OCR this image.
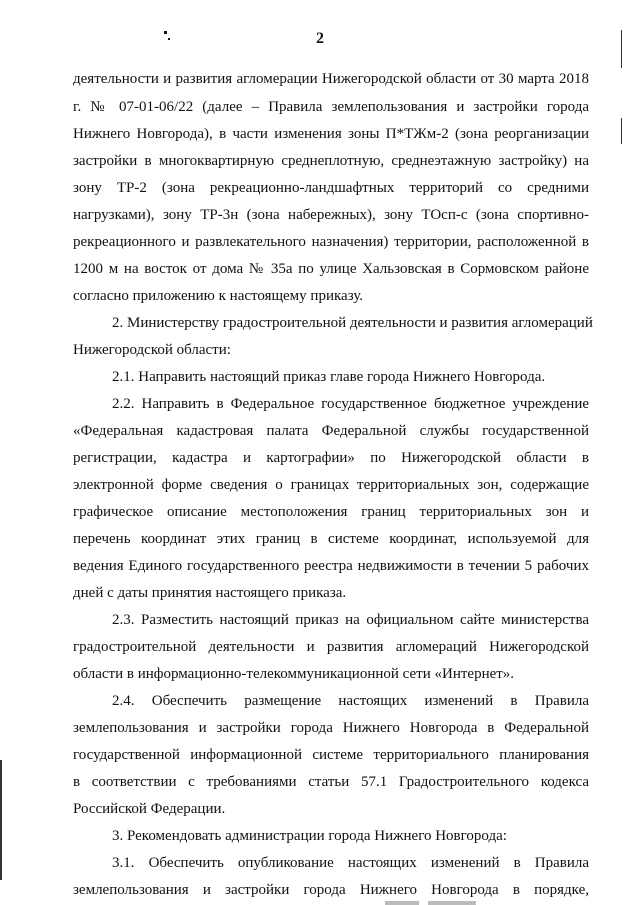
2
деятельности и развития агломерации Нижегородской области от 30 марта 2018
г. № 07-01-06/22 (далее – Правила землепользования и застройки города
Нижнего Новгорода), в части изменения зоны П*ТЖм-2 (зона реорганизации
застройки в многоквартирную среднеплотную, среднеэтажную застройку) на
зону ТР-2 (зона рекреационно-ландшафтных территорий со средними
нагрузками), зону ТР-3н (зона набережных), зону ТОсп-с (зона спортивно-
рекреационного и развлекательного назначения) территории, расположенной в
1200 м на восток от дома № 35а по улице Хальзовская в Сормовском районе
согласно приложению к настоящему приказу.
2. Министерству градостроительной деятельности и развития агломераций
Нижегородской области:
2.1. Направить настоящий приказ главе города Нижнего Новгорода.
2.2. Направить в Федеральное государственное бюджетное учреждение
«Федеральная кадастровая палата Федеральной службы государственной
регистрации, кадастра и картографии» по Нижегородской области в
электронной форме сведения о границах территориальных зон, содержащие
графическое описание местоположения границ территориальных зон и
перечень координат этих границ в системе координат, используемой для
ведения Единого государственного реестра недвижимости в течении 5 рабочих
дней с даты принятия настоящего приказа.
2.3. Разместить настоящий приказ на официальном сайте министерства
градостроительной деятельности и развития агломераций Нижегородской
области в информационно-телекоммуникационной сети «Интернет».
2.4. Обеспечить размещение настоящих изменений в Правила
землепользования и застройки города Нижнего Новгорода в Федеральной
государственной информационной системе территориального планирования
в соответствии с требованиями статьи 57.1 Градостроительного кодекса
Российской Федерации.
3. Рекомендовать администрации города Нижнего Новгорода:
3.1. Обеспечить опубликование настоящих изменений в Правила
землепользования и застройки города Нижнего Новгорода в порядке,
